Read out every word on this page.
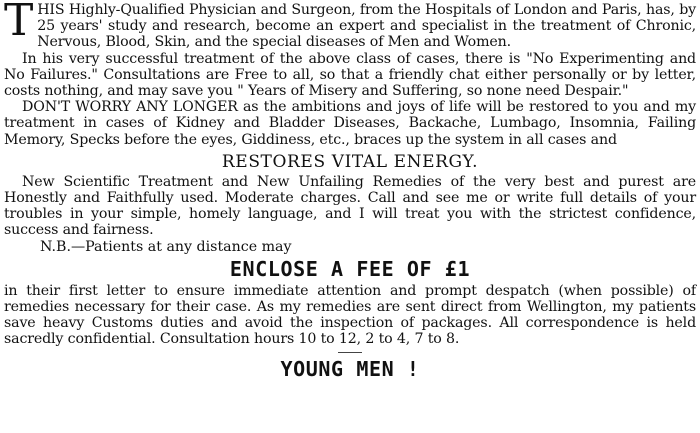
THIS Highly-Qualified Physician and Surgeon, from the Hospitals of London and Paris, has, by 25 years' study and research, become an expert and specialist in the treatment of Chronic, Nervous, Blood, Skin, and the special diseases of Men and Women.

In his very successful treatment of the above class of cases, there is "No Experimenting and No Failures." Consultations are Free to all, so that a friendly chat either personally or by letter, costs nothing, and may save you " Years of Misery and Suffering, so none need Despair."

DON'T WORRY ANY LONGER as the ambitions and joys of life will be restored to you and my treatment in cases of Kidney and Bladder Diseases, Backache, Lumbago, Insomnia, Failing Memory, Specks before the eyes, Giddiness, etc., braces up the system in all cases and

RESTORES VITAL ENERGY.

New Scientific Treatment and New Unfailing Remedies of the very best and purest are Honestly and Faithfully used. Moderate charges. Call and see me or write full details of your troubles in your simple, homely language, and I will treat you with the strictest confidence, success and fairness.

N.B.—Patients at any distance may

ENCLOSE A FEE OF £1

in their first letter to ensure immediate attention and prompt despatch (when possible) of remedies necessary for their case. As my remedies are sent direct from Wellington, my patients save heavy Customs duties and avoid the inspection of packages. All correspondence is held sacredly confidential. Consultation hours 10 to 12, 2 to 4, 7 to 8.

YOUNG MEN !
